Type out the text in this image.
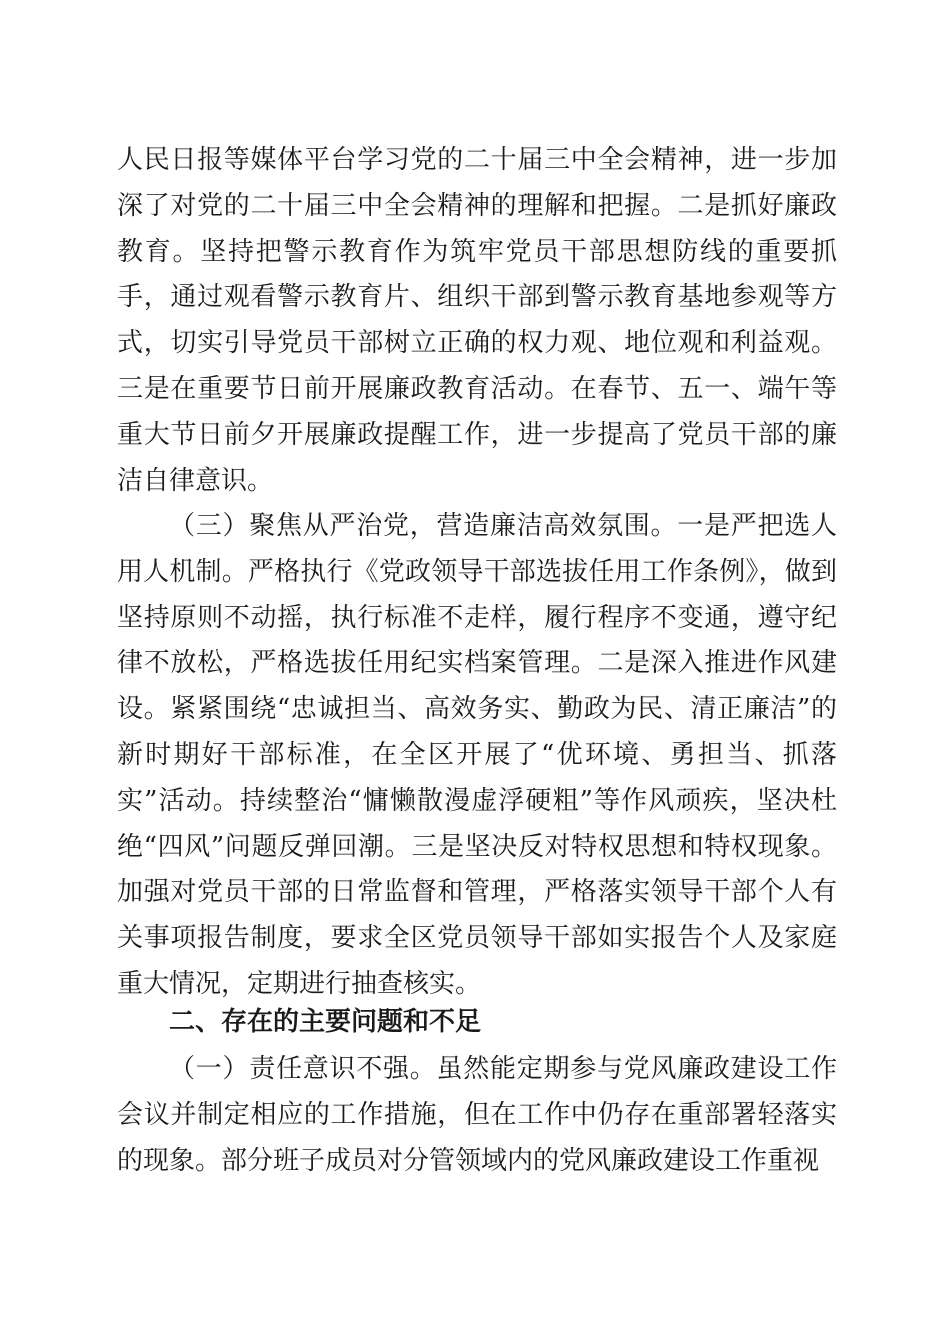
人民日报等媒体平台学习党的二十届三中全会精神，进一步加深了对党的二十届三中全会精神的理解和把握。二是抓好廉政教育。坚持把警示教育作为筑牢党员干部思想防线的重要抓手，通过观看警示教育片、组织干部到警示教育基地参观等方式，切实引导党员干部树立正确的权力观、地位观和利益观。三是在重要节日前开展廉政教育活动。在春节、五一、端午等重大节日前夕开展廉政提醒工作，进一步提高了党员干部的廉洁自律意识。

（三）聚焦从严治党，营造廉洁高效氛围。一是严把选人用人机制。严格执行《党政领导干部选拔任用工作条例》，做到坚持原则不动摇，执行标准不走样，履行程序不变通，遵守纪律不放松，严格选拔任用纪实档案管理。二是深入推进作风建设。紧紧围绕“忠诚担当、高效务实、勤政为民、清正廉洁”的新时期好干部标准，在全区开展了“优环境、勇担当、抓落实”活动。持续整治“慵懒散漫虚浮硬粗”等作风顽疾，坚决杜绝“四风”问题反弹回潮。三是坚决反对特权思想和特权现象。加强对党员干部的日常监督和管理，严格落实领导干部个人有关事项报告制度，要求全区党员领导干部如实报告个人及家庭重大情况，定期进行抽查核实。

二、存在的主要问题和不足

（一）责任意识不强。虽然能定期参与党风廉政建设工作会议并制定相应的工作措施，但在工作中仍存在重部署轻落实的现象。部分班子成员对分管领域内的党风廉政建设工作重视
